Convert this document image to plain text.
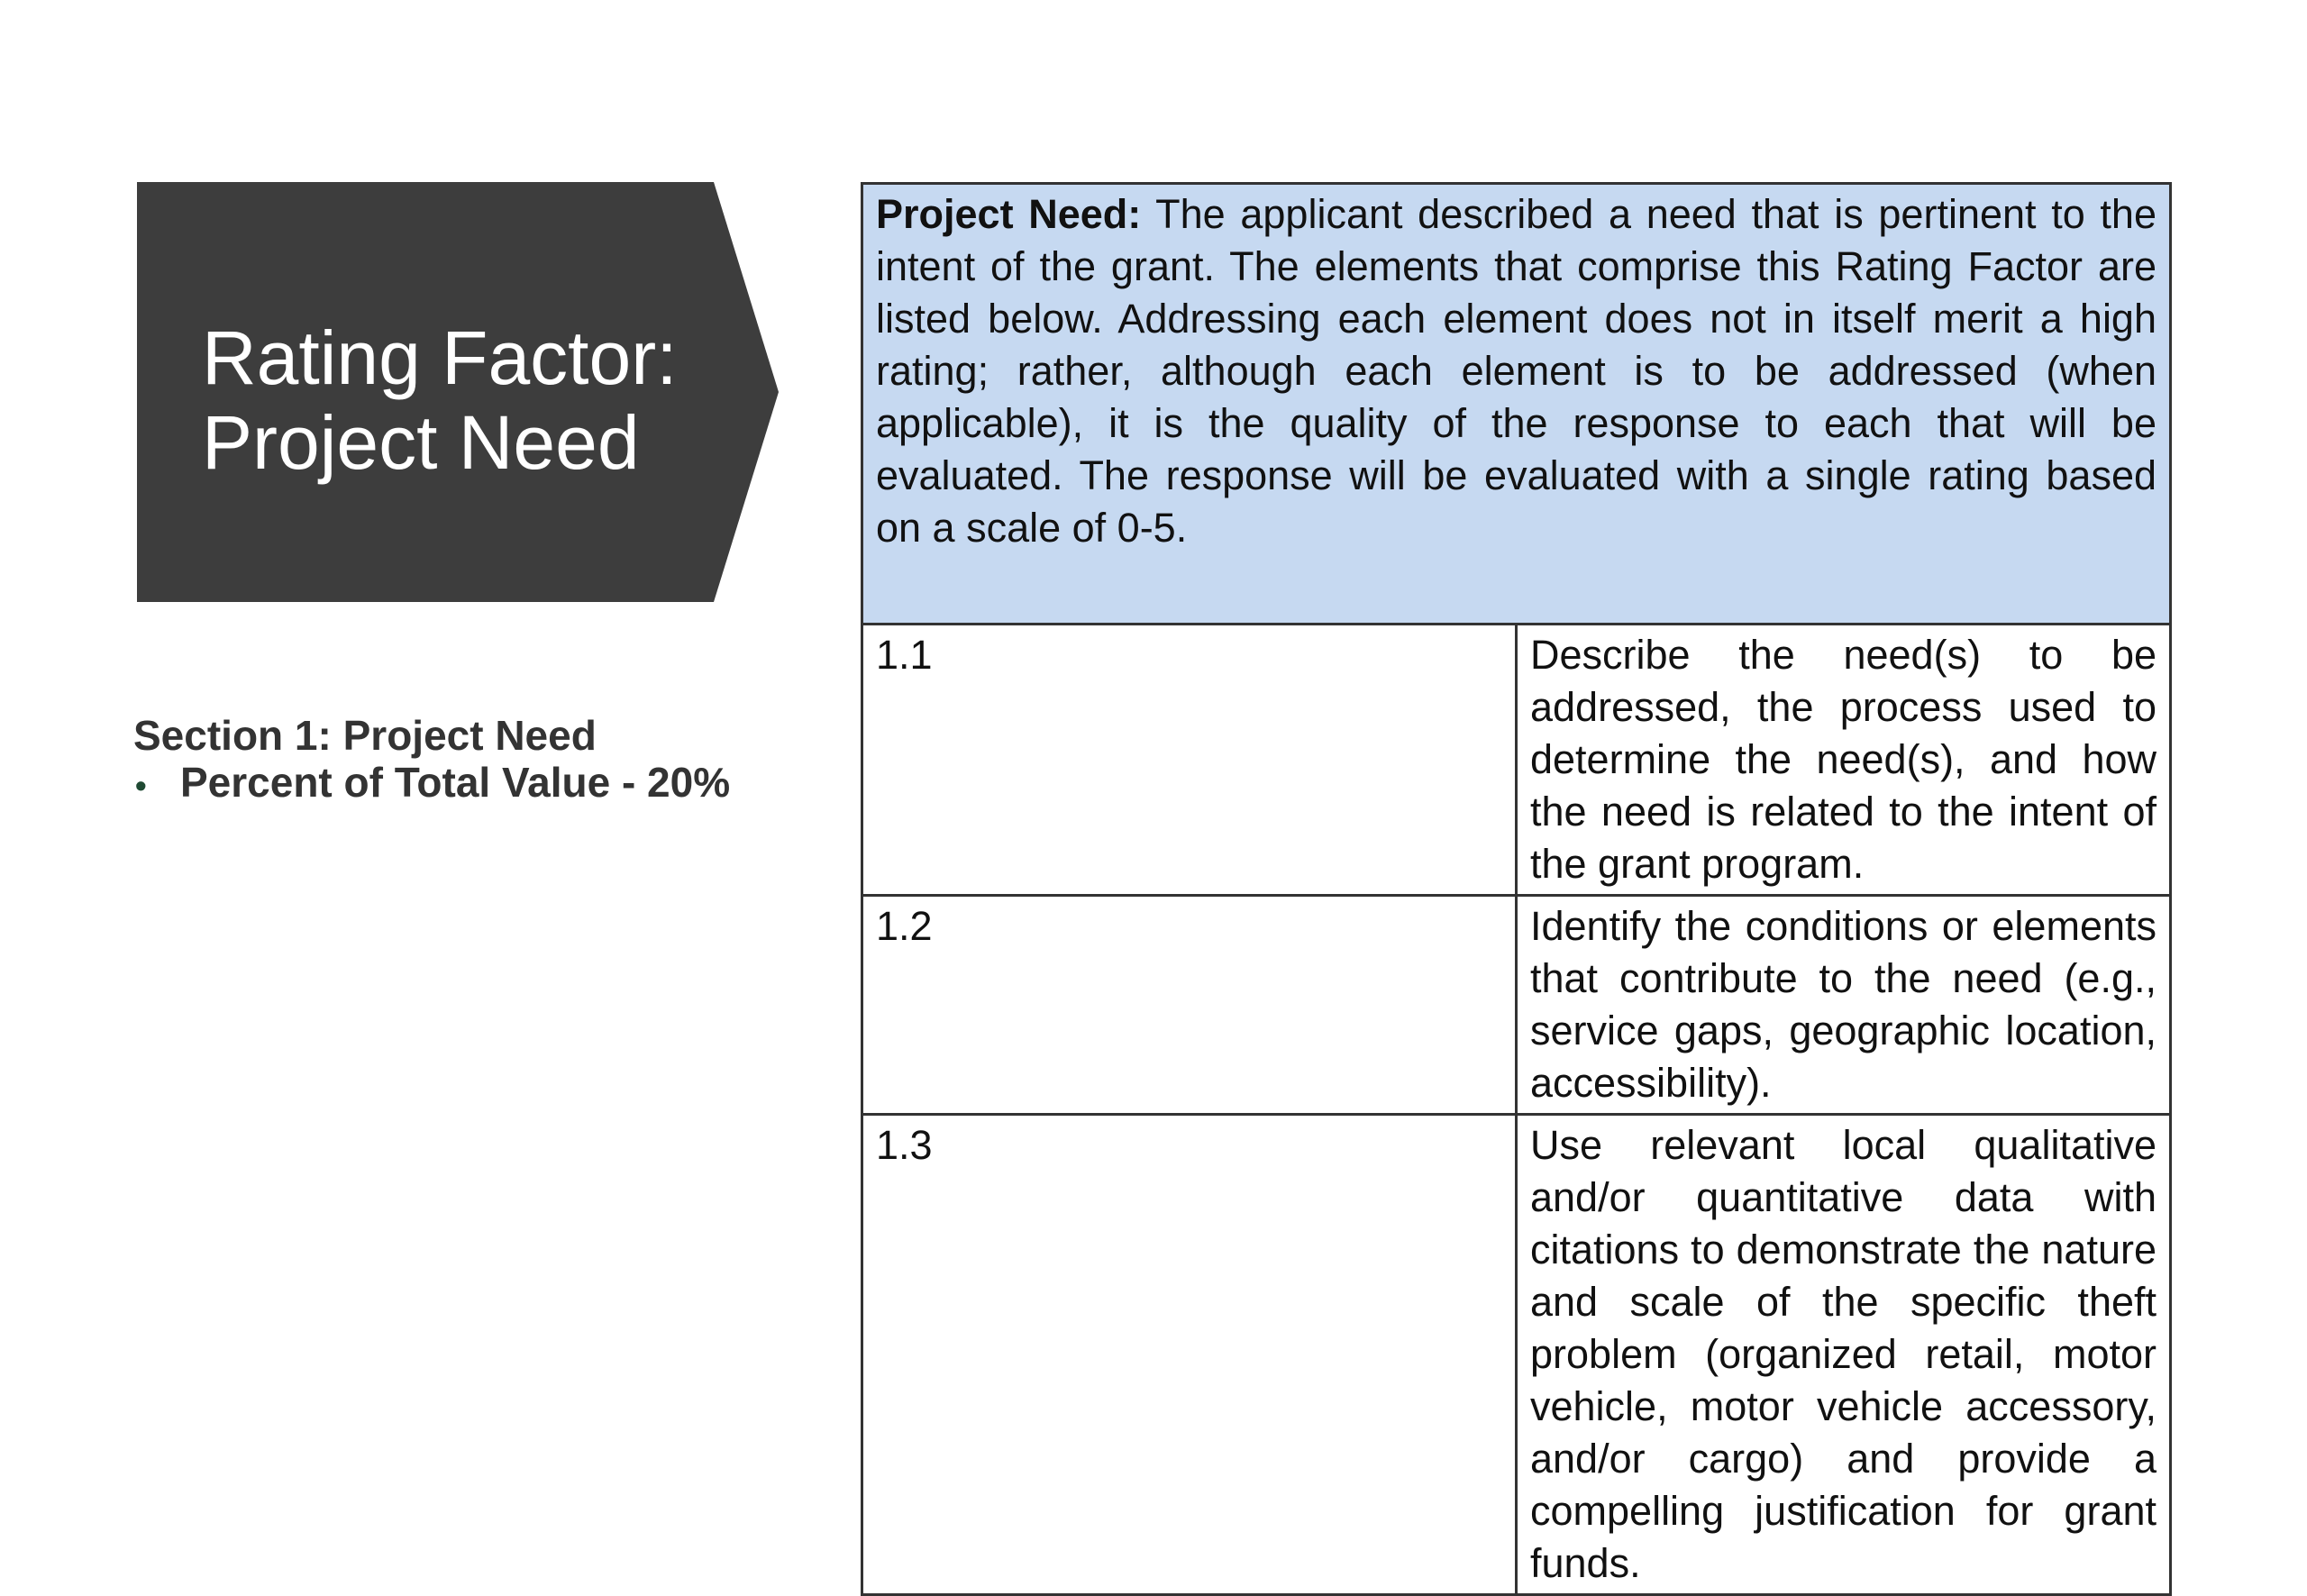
Rating Factor:
Project Need
Section 1: Project Need
• Percent of Total Value - 20%
Project Need: The applicant described a need that is pertinent to the intent of the grant. The elements that comprise this Rating Factor are listed below. Addressing each element does not in itself merit a high rating; rather, although each element is to be addressed (when applicable), it is the quality of the response to each that will be evaluated. The response will be evaluated with a single rating based on a scale of 0-5.	
1.1	Describe the need(s) to be addressed, the process used to determine the need(s), and how the need is related to the intent of the grant program.
1.2	Identify the conditions or elements that contribute to the need (e.g., service gaps, geographic location, accessibility).
1.3	Use relevant local qualitative and/or quantitative data with citations to demonstrate the nature and scale of the specific theft problem (organized retail, motor vehicle, motor vehicle accessory, and/or cargo) and provide a compelling justification for grant funds.
